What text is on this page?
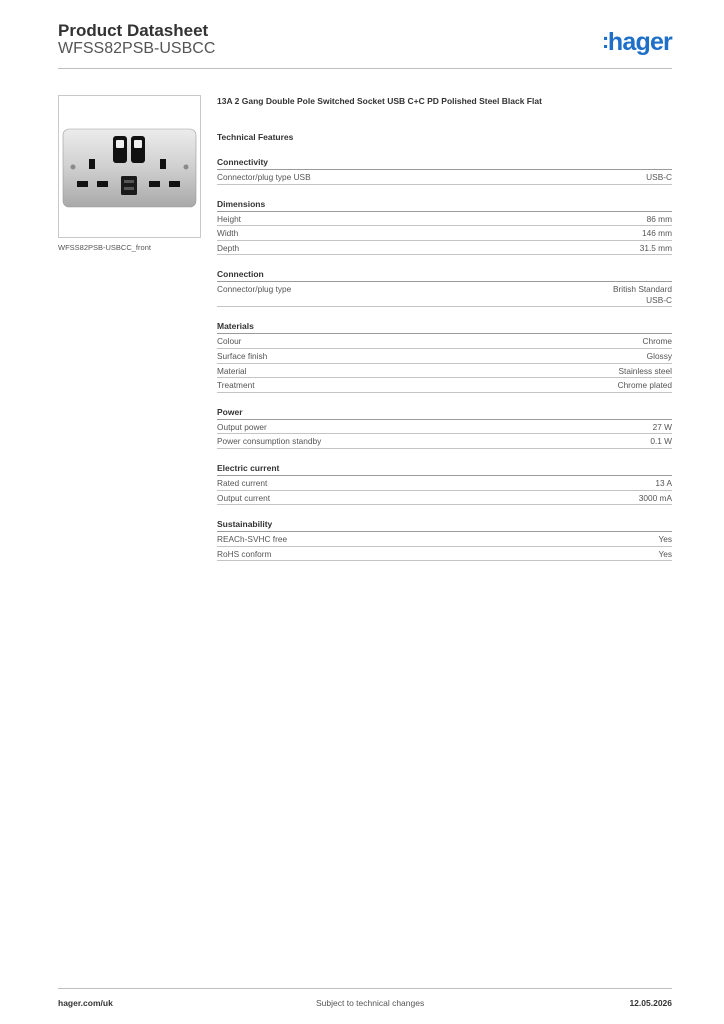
Product Datasheet
WFSS82PSB-USBCC	:hager
WFSS82PSB-USBCC_front
13A 2 Gang Double Pole Switched Socket USB C+C PD Polished Steel Black Flat
Technical Features
Connectivity
Connector/plug type USB	USB-C
Dimensions
Height	86 mm
Width	146 mm
Depth	31.5 mm
Connection
Connector/plug type	British Standard
USB-C
Materials
Colour	Chrome
Surface finish	Glossy
Material	Stainless steel
Treatment	Chrome plated
Power
Output power	27 W
Power consumption standby	0.1 W
Electric current
Rated current	13 A
Output current	3000 mA
Sustainability
REACh-SVHC free	Yes
RoHS conform	Yes
hager.com/uk	Subject to technical changes	12.05.2026
